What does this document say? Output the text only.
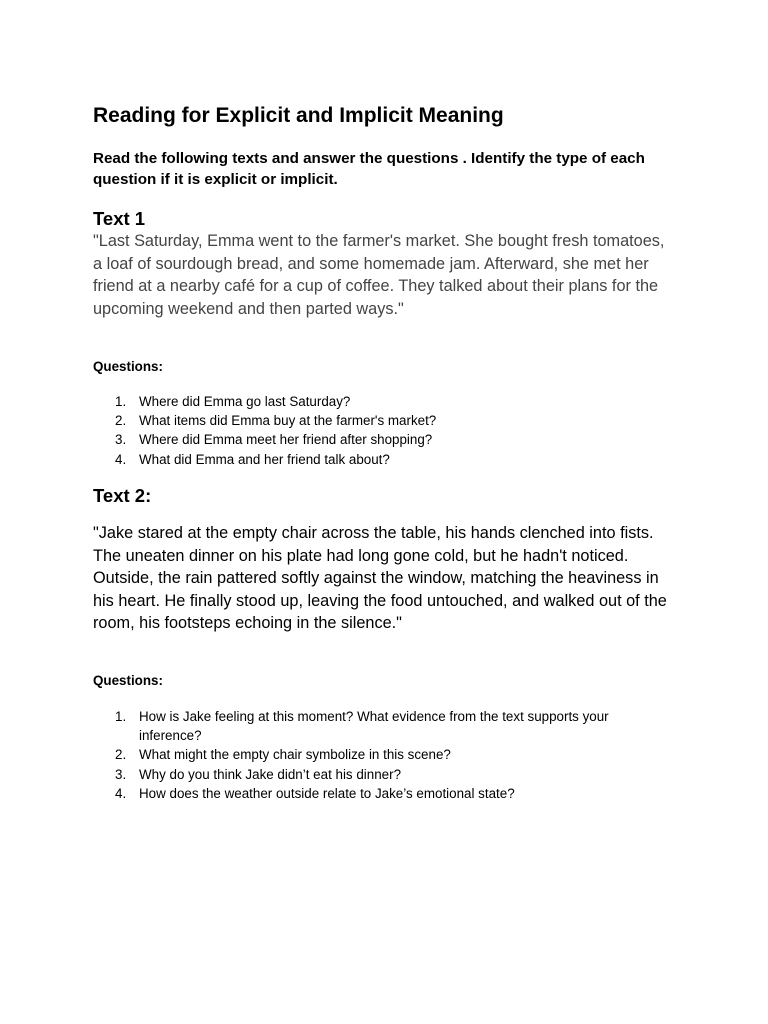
Reading for Explicit and Implicit Meaning

Read the following texts and answer the questions . Identify the type of each question if it is explicit or implicit.

Text 1

"Last Saturday, Emma went to the farmer's market. She bought fresh tomatoes, a loaf of sourdough bread, and some homemade jam. Afterward, she met her friend at a nearby café for a cup of coffee. They talked about their plans for the upcoming weekend and then parted ways."

Questions:

1. Where did Emma go last Saturday?
2. What items did Emma buy at the farmer's market?
3. Where did Emma meet her friend after shopping?
4. What did Emma and her friend talk about?
Text 2:

"Jake stared at the empty chair across the table, his hands clenched into fists. The uneaten dinner on his plate had long gone cold, but he hadn't noticed. Outside, the rain pattered softly against the window, matching the heaviness in his heart. He finally stood up, leaving the food untouched, and walked out of the room, his footsteps echoing in the silence."

Questions:

1. How is Jake feeling at this moment? What evidence from the text supports your inference?
2. What might the empty chair symbolize in this scene?
3. Why do you think Jake didn’t eat his dinner?
4. How does the weather outside relate to Jake’s emotional state?
